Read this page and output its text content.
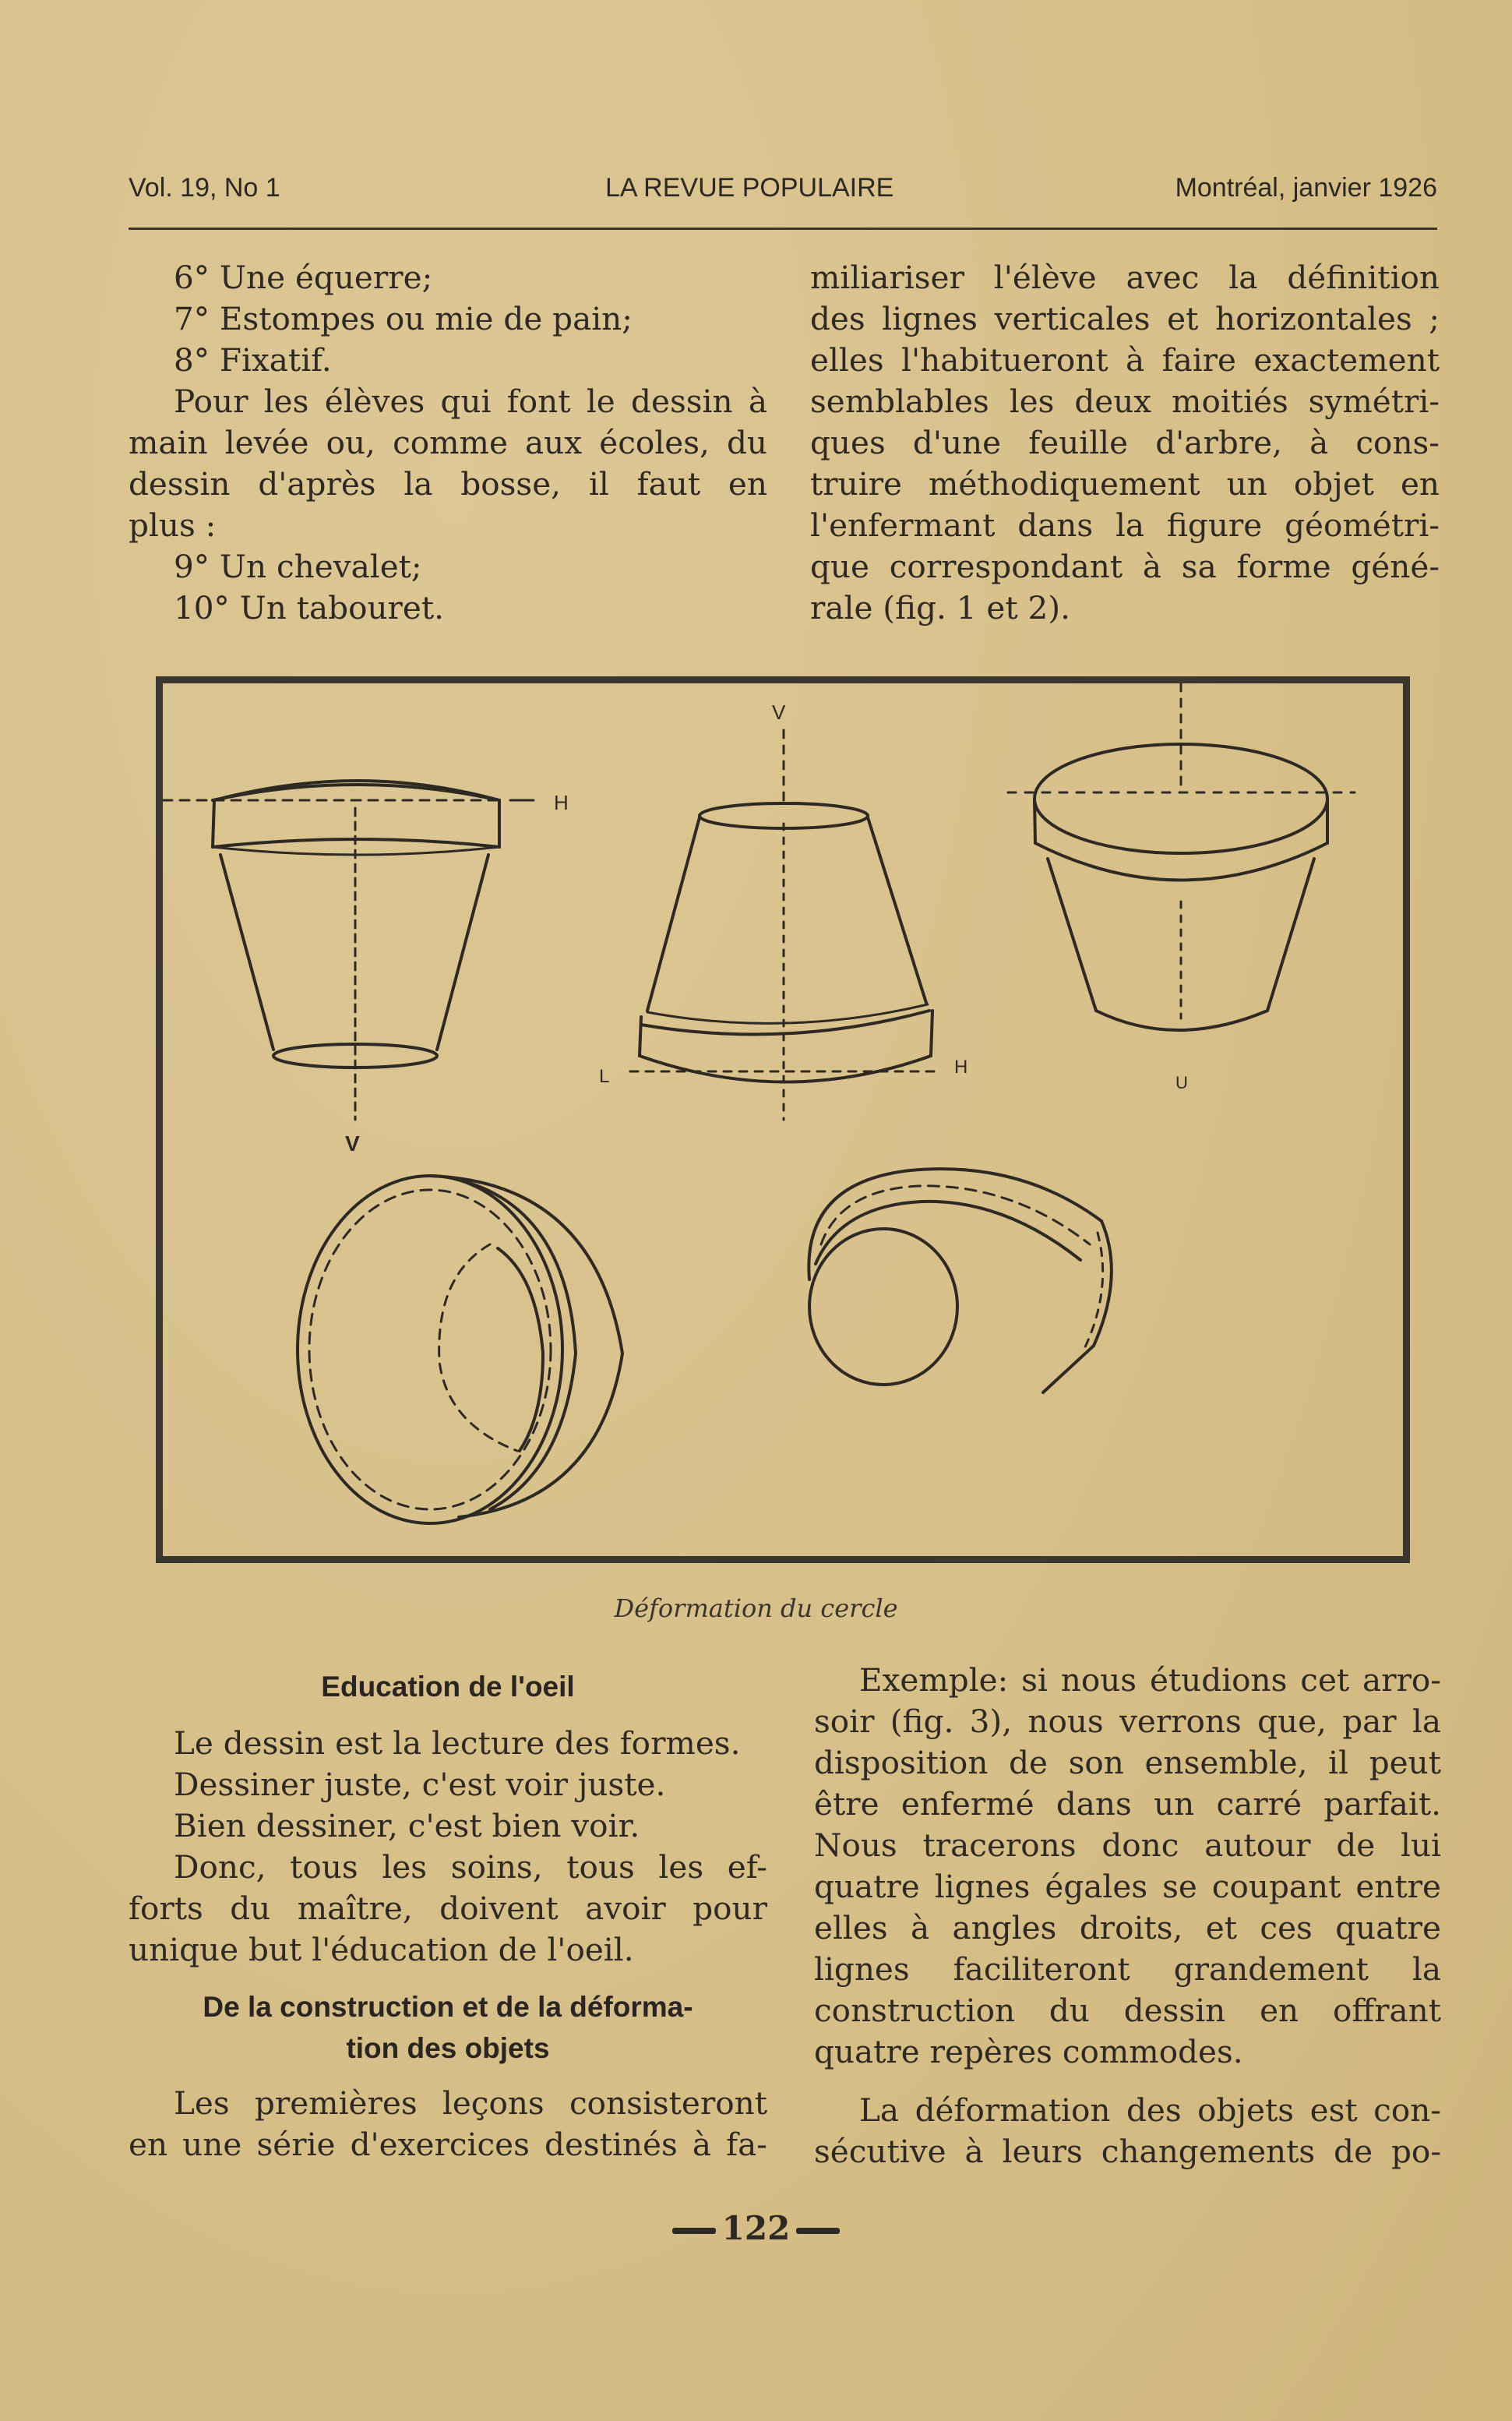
Vol. 19, No 1	LA REVUE POPULAIRE	Montréal, janvier 1926

6° Une équerre;

7° Estompes ou mie de pain;

8° Fixatif.

Pour les élèves qui font le dessin à

main levée ou, comme aux écoles, du

dessin d'après la bosse, il faut en

plus :

9° Un chevalet;

10° Un tabouret.

miliariser l'élève avec la définition

des lignes verticales et horizontales ;

elles l'habitueront à faire exactement

semblables les deux moitiés symétri-

ques d'une feuille d'arbre, à cons-

truire méthodiquement un objet en

l'enfermant dans la figure géométri-

que correspondant à sa forme géné-

rale (fig. 1 et 2).

H
V
V
L	H
U
Déformation du cercle
Education de l'oeil

Le dessin est la lecture des formes.

Dessiner juste, c'est voir juste.

Bien dessiner, c'est bien voir.

Donc, tous les soins, tous les ef-

forts du maître, doivent avoir pour

unique but l'éducation de l'oeil.

De la construction et de la déforma-
tion des objets

Les premières leçons consisteront

en une série d'exercices destinés à fa-

Exemple: si nous étudions cet arro-

soir (fig. 3), nous verrons que, par la

disposition de son ensemble, il peut

être enfermé dans un carré parfait.

Nous tracerons donc autour de lui

quatre lignes égales se coupant entre

elles à angles droits, et ces quatre

lignes faciliteront grandement la

construction du dessin en offrant

quatre repères commodes.

La déformation des objets est con-

sécutive à leurs changements de po-

122
